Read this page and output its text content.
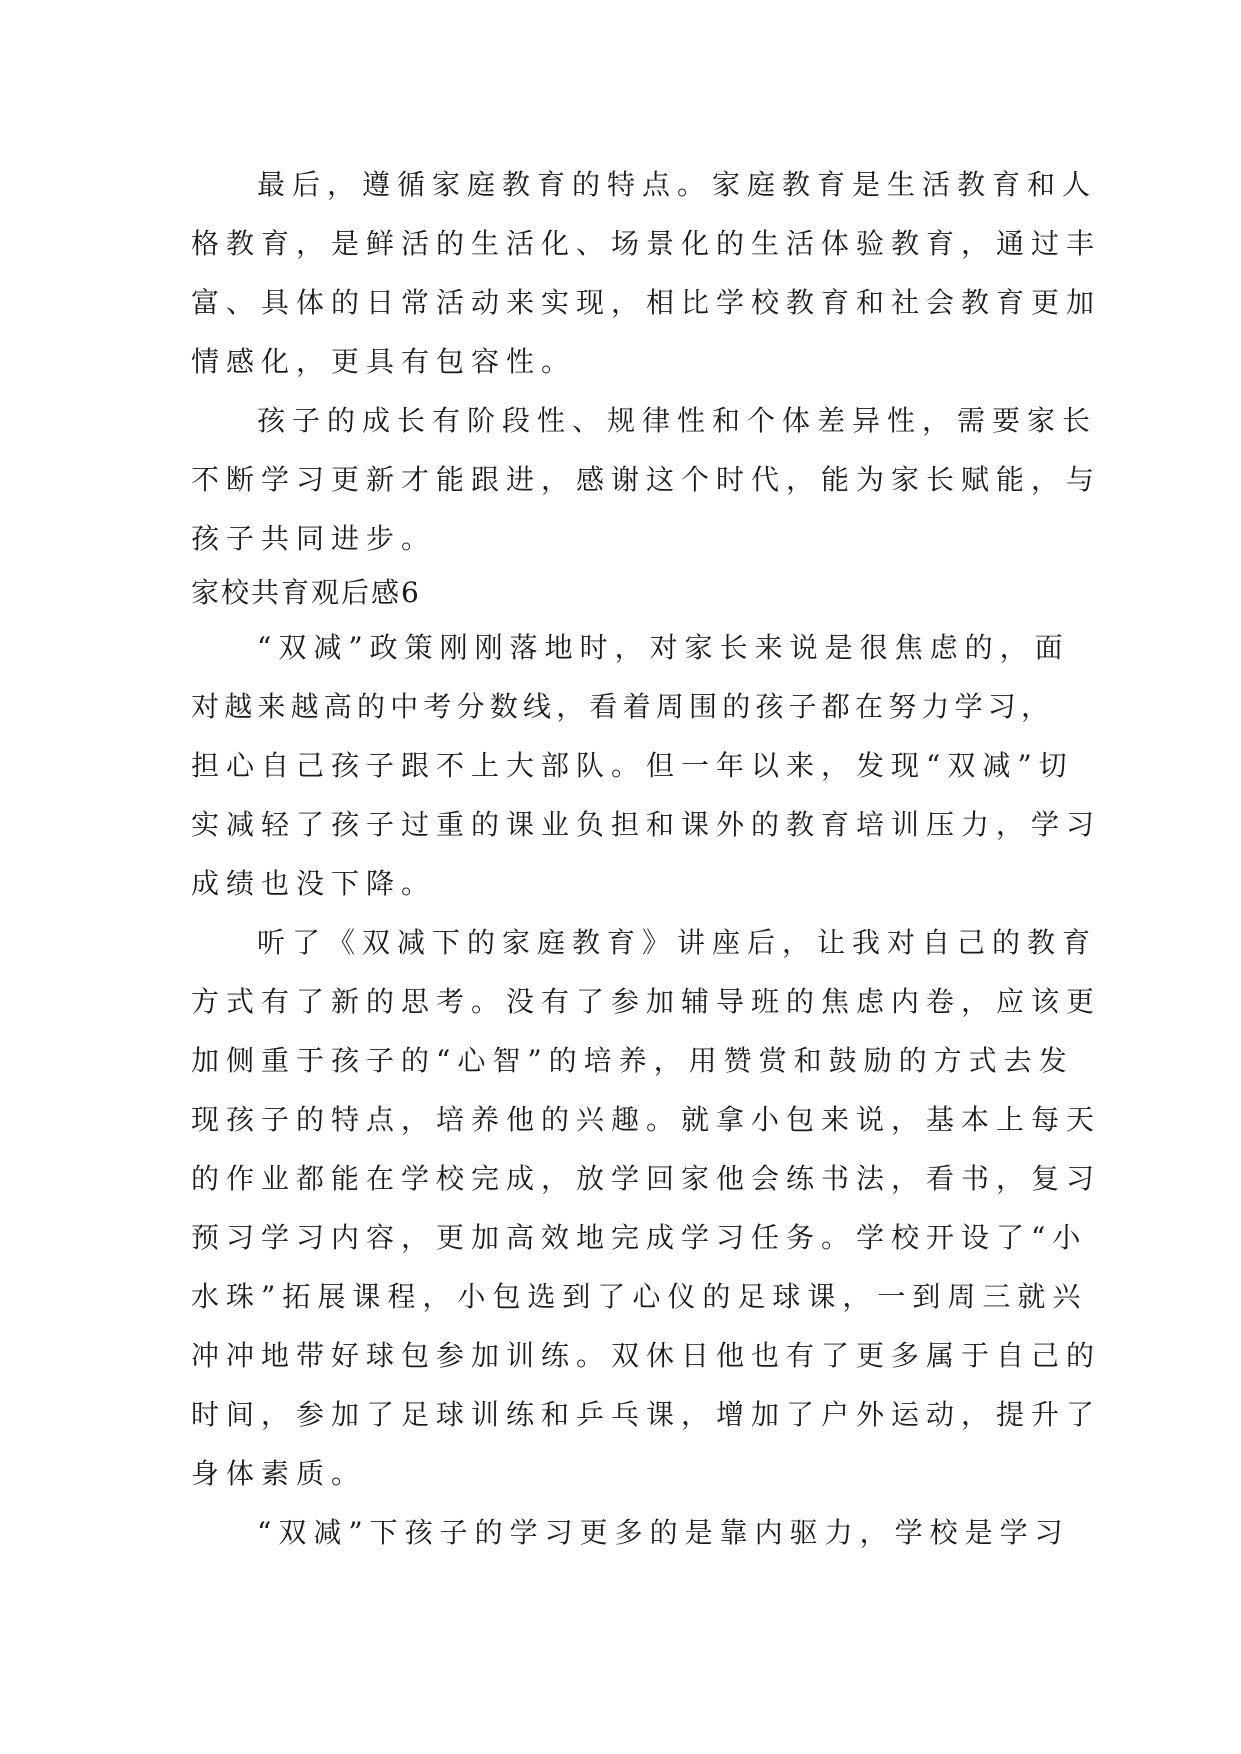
最后，遵循家庭教育的特点。家庭教育是生活教育和人
格教育，是鲜活的生活化、场景化的生活体验教育，通过丰
富、具体的日常活动来实现，相比学校教育和社会教育更加
情感化，更具有包容性。
孩子的成长有阶段性、规律性和个体差异性，需要家长
不断学习更新才能跟进，感谢这个时代，能为家长赋能，与
孩子共同进步。
家校共育观后感6
“双减”政策刚刚落地时，对家长来说是很焦虑的，面
对越来越高的中考分数线，看着周围的孩子都在努力学习，
担心自己孩子跟不上大部队。但一年以来，发现“双减”切
实减轻了孩子过重的课业负担和课外的教育培训压力，学习
成绩也没下降。
听了《双减下的家庭教育》讲座后，让我对自己的教育
方式有了新的思考。没有了参加辅导班的焦虑内卷，应该更
加侧重于孩子的“心智”的培养，用赞赏和鼓励的方式去发
现孩子的特点，培养他的兴趣。就拿小包来说，基本上每天
的作业都能在学校完成，放学回家他会练书法，看书，复习
预习学习内容，更加高效地完成学习任务。学校开设了“小
水珠”拓展课程，小包选到了心仪的足球课，一到周三就兴
冲冲地带好球包参加训练。双休日他也有了更多属于自己的
时间，参加了足球训练和乒乓课，增加了户外运动，提升了
身体素质。
“双减”下孩子的学习更多的是靠内驱力，学校是学习
